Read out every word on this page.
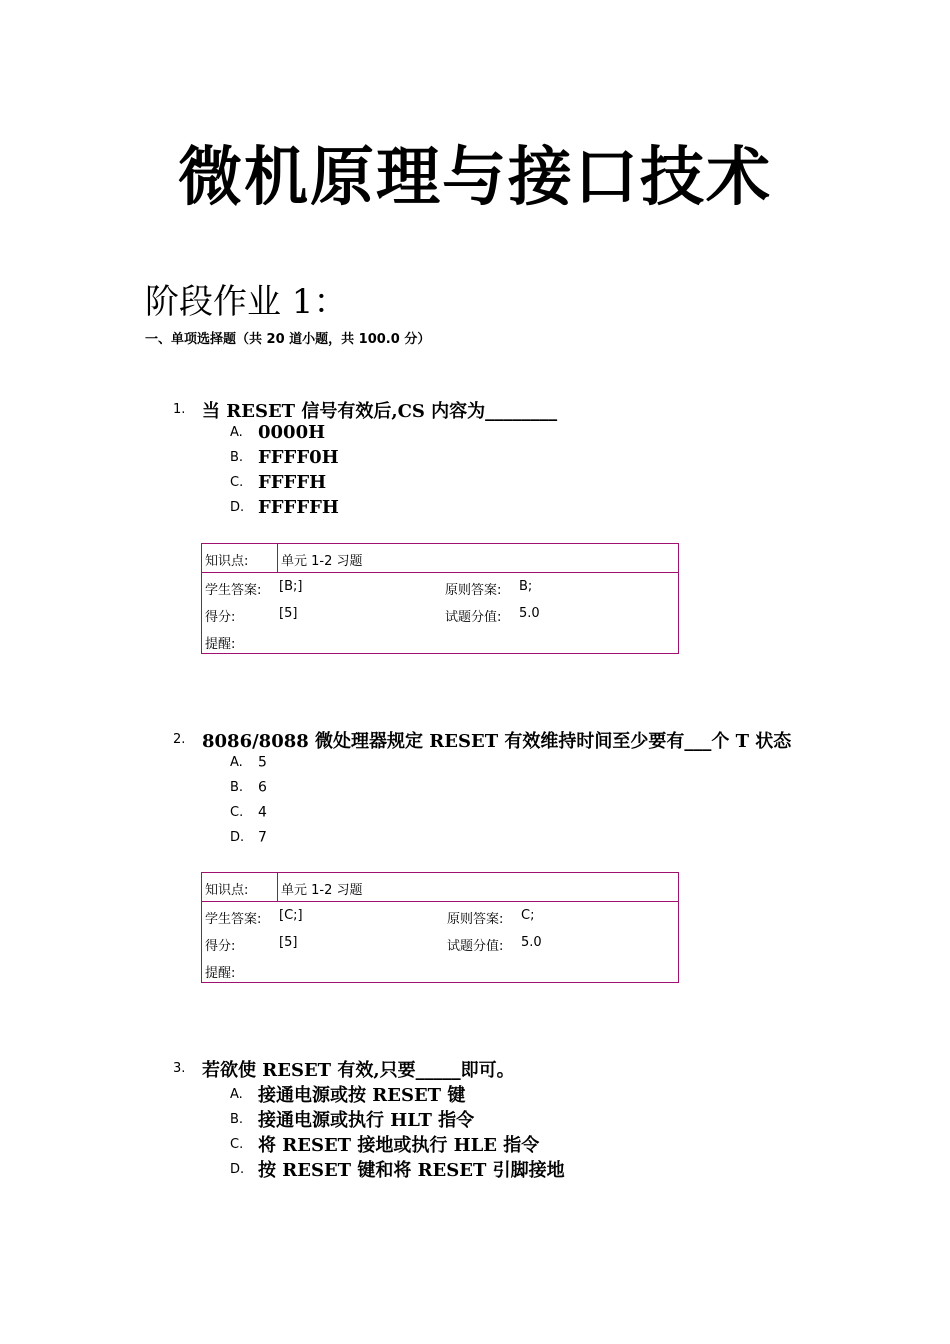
微机原理与接口技术
阶段作业 1：
一、单项选择题（共 20 道小题，共 100.0 分）
1. 当 RESET 信号有效后,CS 内容为________
A. 0000H
B. FFFF0H
C. FFFFH
D. FFFFFH
知识点:	单元 1-2 习题
学生答案: [B;]	原则答案: B;
得分:	[5]	试题分值: 5.0
提醒:
2. 8086/8088 微处理器规定 RESET 有效维持时间至少要有___个 T 状态
A. 5
B. 6
C. 4
D. 7
知识点:	单元 1-2 习题
学生答案: [C;]	原则答案: C;
得分:	[5]	试题分值: 5.0
提醒:
3. 若欲使 RESET 有效,只要_____即可。
A. 接通电源或按 RESET 键
B. 接通电源或执行 HLT 指令
C. 将 RESET 接地或执行 HLE 指令
D. 按 RESET 键和将 RESET 引脚接地
